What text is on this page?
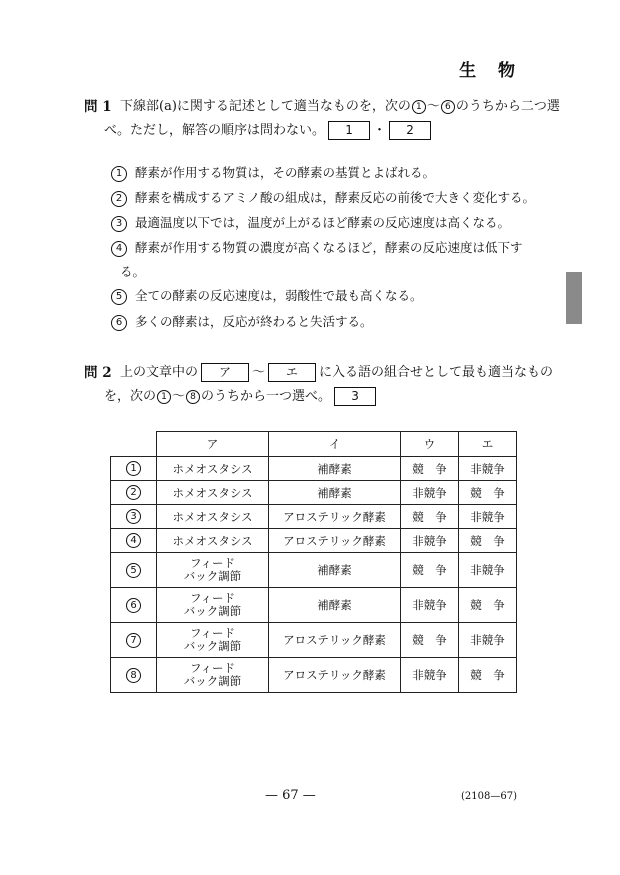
生 物
問 1 下線部(a)に関する記述として適当なものを，次の 1 ～ 6 のうちから二つ選
べ。ただし，解答の順序は問わない。 1 ・ 2
1 酵素が作用する物質は，その酵素の基質とよばれる。
2 酵素を構成するアミノ酸の組成は，酵素反応の前後で大きく変化する。
3 最適温度以下では，温度が上がるほど酵素の反応速度は高くなる。
4 酵素が作用する物質の濃度が高くなるほど，酵素の反応速度は低下す
る。
5 全ての酵素の反応速度は，弱酸性で最も高くなる。
6 多くの酵素は，反応が終わると失活する。
問 2 上の文章中の ア ～ エ に入る語の組合せとして最も適当なもの
を，次の 1 ～ 8 のうちから一つ選べ。 3
	ア	イ	ウ	エ
1	ホメオスタシス	補酵素	競　争	非競争
2	ホメオスタシス	補酵素	非競争	競　争
3	ホメオスタシス	アロステリック酵素	競　争	非競争
4	ホメオスタシス	アロステリック酵素	非競争	競　争
5	フィード
バック調節	補酵素	競　争	非競争
6	フィード
バック調節	補酵素	非競争	競　争
7	フィード
バック調節	アロステリック酵素	競　争	非競争
8	フィード
バック調節	アロステリック酵素	非競争	競　争
— 67 —	(2108—67)
